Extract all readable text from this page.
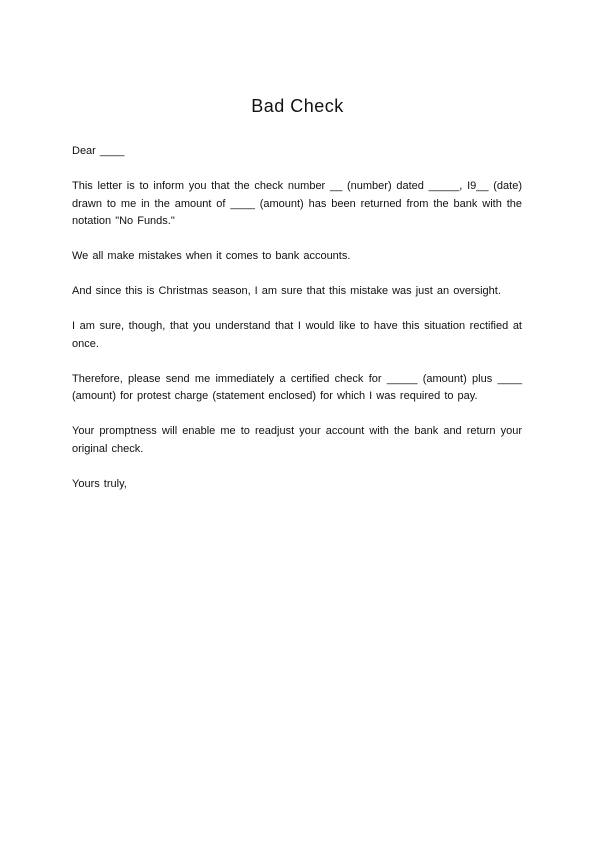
Bad Check

Dear ____

This letter is to inform you that the check number __ (number) dated _____, I9__ (date) drawn to me in the amount of ____ (amount) has been returned from the bank with the notation "No Funds."

We all make mistakes when it comes to bank accounts.

And since this is Christmas season, I am sure that this mistake was just an oversight.

I am sure, though, that you understand that I would like to have this situation rectified at once.

Therefore, please send me immediately a certified check for _____ (amount) plus ____ (amount) for protest charge (statement enclosed) for which I was required to pay.

Your promptness will enable me to readjust your account with the bank and return your original check.

Yours truly,
